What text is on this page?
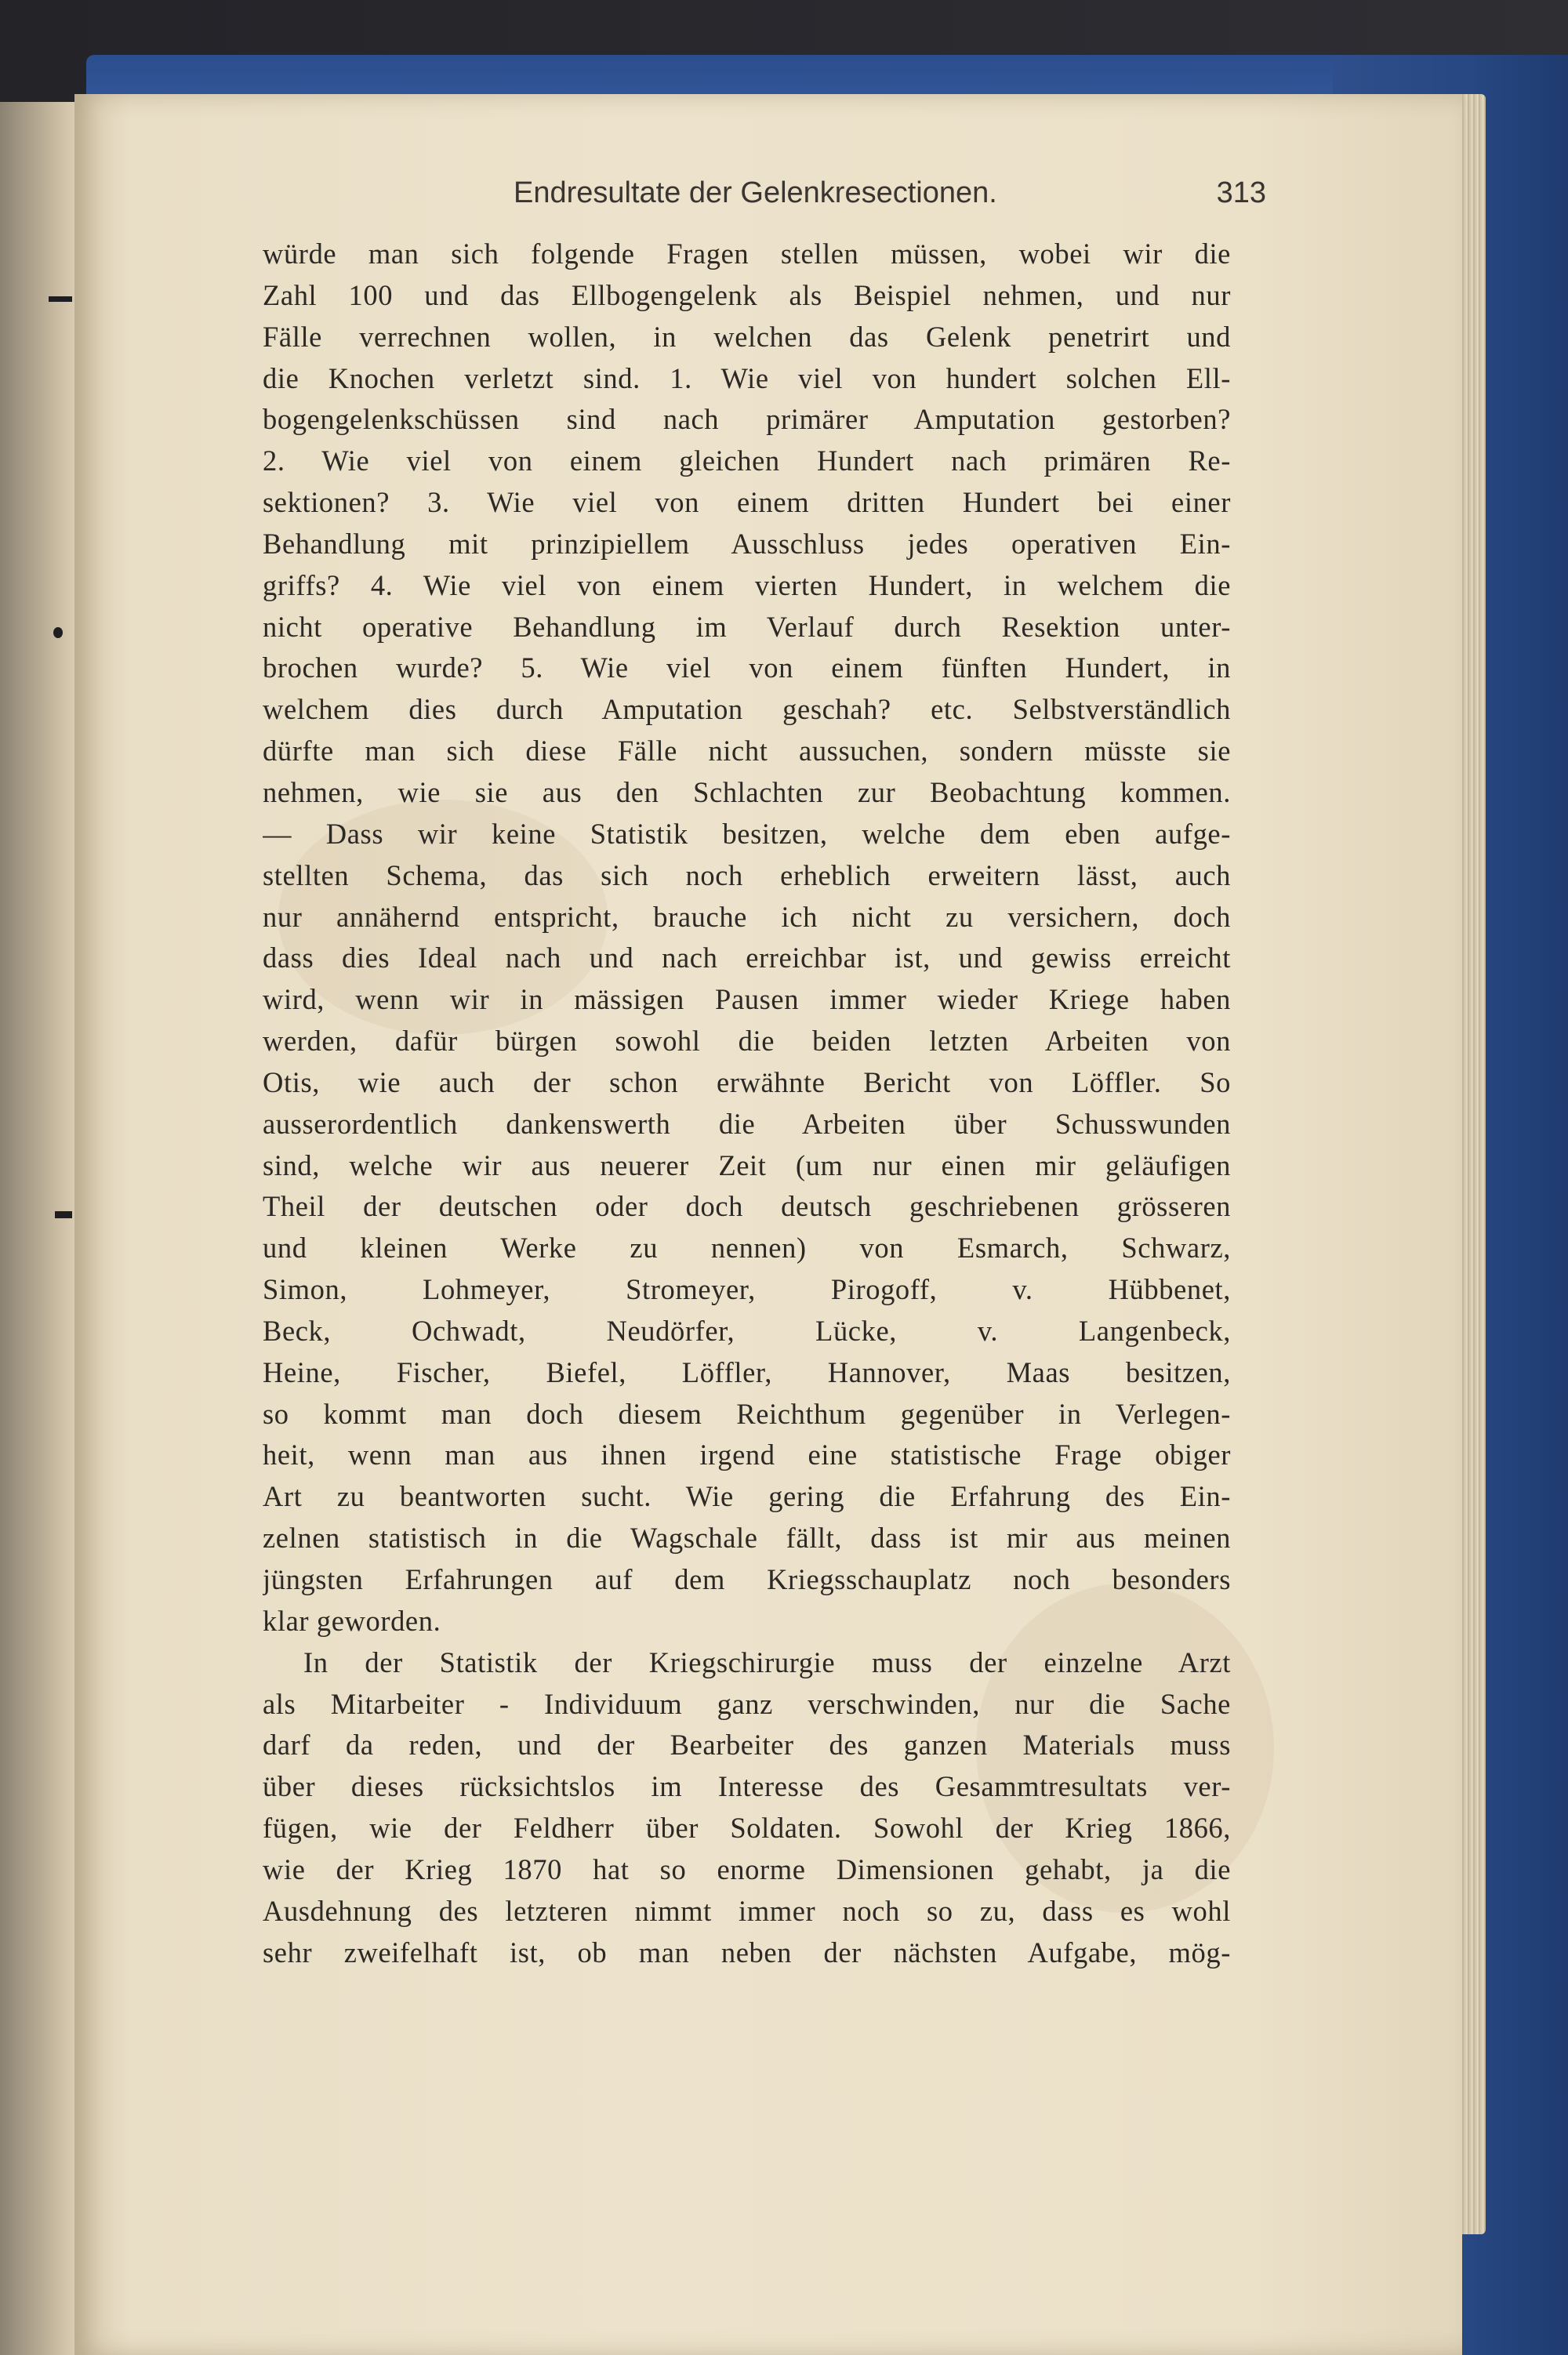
Endresultate der Gelenkresectionen.	313
würde man sich folgende Fragen stellen müssen, wobei wir die
Zahl 100 und das Ellbogengelenk als Beispiel nehmen, und nur
Fälle verrechnen wollen, in welchen das Gelenk penetrirt und
die Knochen verletzt sind. 1. Wie viel von hundert solchen Ell-
bogengelenkschüssen sind nach primärer Amputation gestorben?
2. Wie viel von einem gleichen Hundert nach primären Re-
sektionen? 3. Wie viel von einem dritten Hundert bei einer
Behandlung mit prinzipiellem Ausschluss jedes operativen Ein-
griffs? 4. Wie viel von einem vierten Hundert, in welchem die
nicht operative Behandlung im Verlauf durch Resektion unter-
brochen wurde? 5. Wie viel von einem fünften Hundert, in
welchem dies durch Amputation geschah? etc. Selbstverständlich
dürfte man sich diese Fälle nicht aussuchen, sondern müsste sie
nehmen, wie sie aus den Schlachten zur Beobachtung kommen.
— Dass wir keine Statistik besitzen, welche dem eben aufge-
stellten Schema, das sich noch erheblich erweitern lässt, auch
nur annähernd entspricht, brauche ich nicht zu versichern, doch
dass dies Ideal nach und nach erreichbar ist, und gewiss erreicht
wird, wenn wir in mässigen Pausen immer wieder Kriege haben
werden, dafür bürgen sowohl die beiden letzten Arbeiten von
Otis, wie auch der schon erwähnte Bericht von Löffler. So
ausserordentlich dankenswerth die Arbeiten über Schusswunden
sind, welche wir aus neuerer Zeit (um nur einen mir geläufigen
Theil der deutschen oder doch deutsch geschriebenen grösseren
und kleinen Werke zu nennen) von Esmarch, Schwarz,
Simon, Lohmeyer, Stromeyer, Pirogoff, v. Hübbenet,
Beck, Ochwadt, Neudörfer, Lücke, v. Langenbeck,
Heine, Fischer, Biefel, Löffler, Hannover, Maas besitzen,
so kommt man doch diesem Reichthum gegenüber in Verlegen-
heit, wenn man aus ihnen irgend eine statistische Frage obiger
Art zu beantworten sucht. Wie gering die Erfahrung des Ein-
zelnen statistisch in die Wagschale fällt, dass ist mir aus meinen
jüngsten Erfahrungen auf dem Kriegsschauplatz noch besonders
klar geworden.
In der Statistik der Kriegschirurgie muss der einzelne Arzt
als Mitarbeiter - Individuum ganz verschwinden, nur die Sache
darf da reden, und der Bearbeiter des ganzen Materials muss
über dieses rücksichtslos im Interesse des Gesammtresultats ver-
fügen, wie der Feldherr über Soldaten. Sowohl der Krieg 1866,
wie der Krieg 1870 hat so enorme Dimensionen gehabt, ja die
Ausdehnung des letzteren nimmt immer noch so zu, dass es wohl
sehr zweifelhaft ist, ob man neben der nächsten Aufgabe, mög-
